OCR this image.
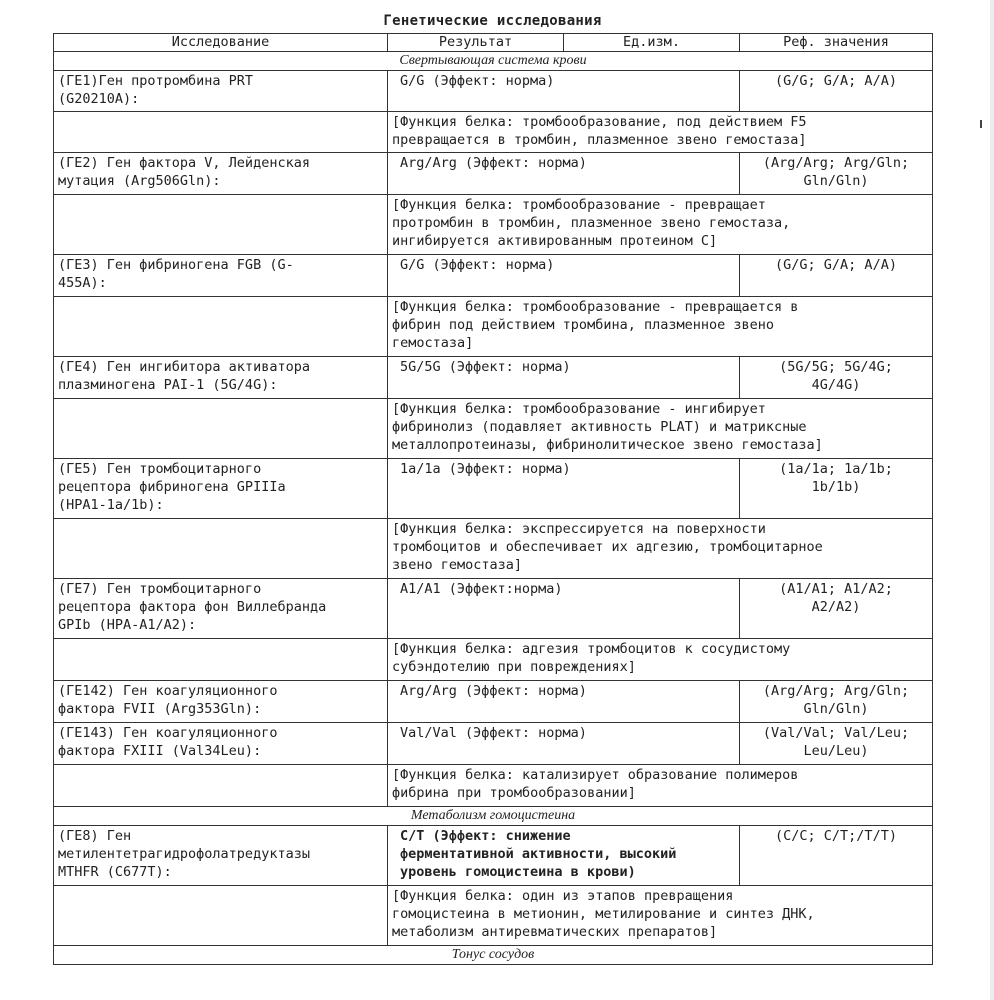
Генетические исследования
Исследование	Результат	Ед.изм.	Реф. значения
Свертывающая система крови			
(ГЕ1)Ген протромбина PRT
(G20210A):	G/G (Эффект: норма)		(G/G; G/A; A/A)
	[Функция белка: тромбообразование, под действием F5
превращается в тромбин, плазменное звено гемостаза]		
(ГЕ2) Ген фактора V, Лейденская
мутация (Arg506Gln):	Arg/Arg (Эффект: норма)		(Arg/Arg; Arg/Gln;
Gln/Gln)
	[Функция белка: тромбообразование - превращает
протромбин в тромбин, плазменное звено гемостаза,
ингибируется активированным протеином C]		
(ГЕ3) Ген фибриногена FGB (G-
455A):	G/G (Эффект: норма)		(G/G; G/A; A/A)
	[Функция белка: тромбообразование - превращается в
фибрин под действием тромбина, плазменное звено
гемостаза]		
(ГЕ4) Ген ингибитора активатора
плазминогена PAI-1 (5G/4G):	5G/5G (Эффект: норма)		(5G/5G; 5G/4G;
4G/4G)
	[Функция белка: тромбообразование - ингибирует
фибринолиз (подавляет активность PLAT) и матриксные
металлопротеиназы, фибринолитическое звено гемостаза]		
(ГЕ5) Ген тромбоцитарного
рецептора фибриногена GPIIIa
(HPA1-1a/1b):	1a/1a (Эффект: норма)		(1a/1a; 1a/1b;
1b/1b)
	[Функция белка: экспрессируется на поверхности
тромбоцитов и обеспечивает их адгезию, тромбоцитарное
звено гемостаза]		
(ГЕ7) Ген тромбоцитарного
рецептора фактора фон Виллебранда
GPIb (HPA-A1/A2):	A1/A1 (Эффект:норма)		(A1/A1; A1/A2;
A2/A2)
	[Функция белка: адгезия тромбоцитов к сосудистому
субэндотелию при повреждениях]		
(ГЕ142) Ген коагуляционного
фактора FVII (Arg353Gln):	Arg/Arg (Эффект: норма)		(Arg/Arg; Arg/Gln;
Gln/Gln)
(ГЕ143) Ген коагуляционного
фактора FXIII (Val34Leu):	Val/Val (Эффект: норма)		(Val/Val; Val/Leu;
Leu/Leu)
	[Функция белка: катализирует образование полимеров
фибрина при тромбообразовании]		
Метаболизм гомоцистеина			
(ГЕ8) Ген
метилентетрагидрофолатредуктазы
MTHFR (C677T):	C/T (Эффект: снижение
ферментативной активности, высокий
уровень гомоцистеина в крови)		(C/C; C/T;/T/T)
	[Функция белка: один из этапов превращения
гомоцистеина в метионин, метилирование и синтез ДНК,
метаболизм антиревматических препаратов]		
Тонус сосудов			
